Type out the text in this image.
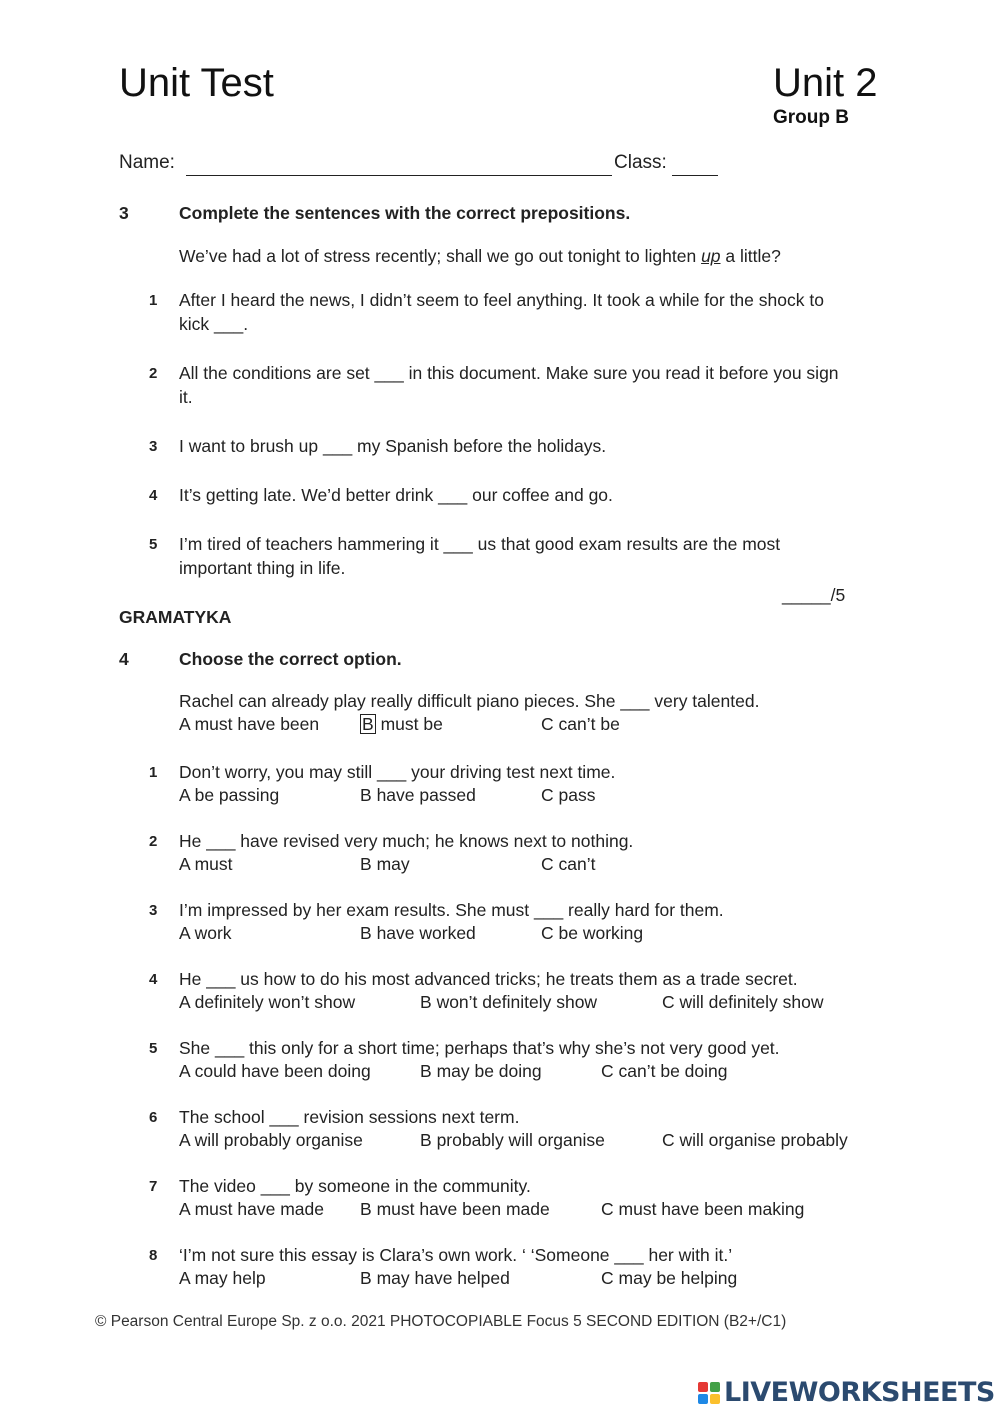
Unit Test	Unit 2
Group B
Name:	Class:
3	Complete the sentences with the correct prepositions.
We’ve had a lot of stress recently; shall we go out tonight to lighten up a little?
1 After I heard the news, I didn’t seem to feel anything. It took a while for the shock to
kick ___.
2 All the conditions are set ___ in this document. Make sure you read it before you sign
it.
3 I want to brush up ___ my Spanish before the holidays.
4 It’s getting late. We’d better drink ___ our coffee and go.
5 I’m tired of teachers hammering it ___ us that good exam results are the most
important thing in life.
_____/5
GRAMATYKA
4	Choose the correct option.
Rachel can already play really difficult piano pieces. She ___ very talented.
A must have been B must be	C can’t be
1 Don’t worry, you may still ___ your driving test next time.
A be passing	B have passed	C pass
2 He ___ have revised very much; he knows next to nothing.
A must	B may	C can’t
3 I’m impressed by her exam results. She must ___ really hard for them.
A work	B have worked	C be working
4 He ___ us how to do his most advanced tricks; he treats them as a trade secret.
A definitely won’t show	B won’t definitely show	C will definitely show
5 She ___ this only for a short time; perhaps that’s why she’s not very good yet.
A could have been doing	B may be doing	C can’t be doing
6 The school ___ revision sessions next term.
A will probably organise	B probably will organise	C will organise probably
7 The video ___ by someone in the community.
A must have made B must have been made	C must have been making
8 ‘I’m not sure this essay is Clara’s own work. ‘ ‘Someone ___ her with it.’
A may help	B may have helped	C may be helping
© Pearson Central Europe Sp. z o.o. 2021 PHOTOCOPIABLE Focus 5 SECOND EDITION (B2+/C1)
LIVEWORKSHEETS
